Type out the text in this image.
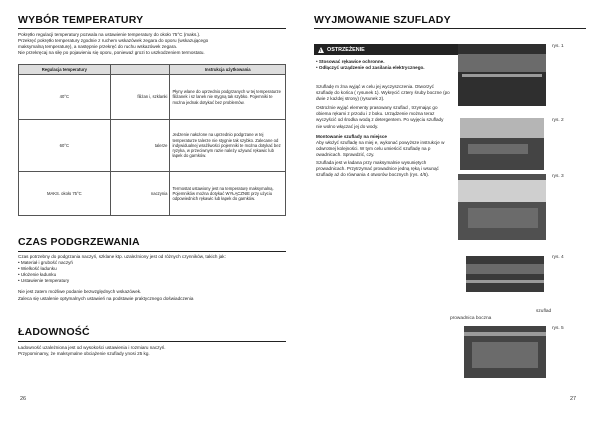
WYBÓR TEMPERATURY

Pokrętło regulacji temperatury pozwala na ustawienie temperatury do około 75°C (maks.).

Przekręć pokrętło temperatury zgodnie z ruchem wskazówek zegara do oporu (wskazującego

maksymalną temperaturę), a następnie przekręć do ruchu wskazówek zegara.

Nie przekręcaj na siłę po pojawieniu się oporu, ponieważ grozi to uszkodzeniem termostatu.

Regulacja temperatury		Instrukcja użytkowania
40°C	filiżan i, szklanki	Płyny wlane do uprzednio podgrzanych w tej temperaturze filiżanek i sz lanek nie stygną tak szybko. Pojemniki te można jednak dotykać bez problemów.
60°C	talerze	Jedzenie nałożone na uprzednio podgrzane w tej temperaturze talerze nie stygnie tak szybko. Zalecane od indywidualnej wrażliwości pojemniki te można dotykać bez ryzyka, w przeciwnym razie należy używać rękawic lub łapek do garnków.
MAKS. około 75°C	naczynia	Termostat ustawiony jest na temperaturę maksymalną. Pojemników można dotykać WYŁĄCZNIE przy użyciu odpowiednich rękawic lub łapek do garnków.
CZAS PODGRZEWANIA

Czas potrzebny do podgrzania naczyń, szklane ktp. uzależniony jest od różnych czynników, takich jak:

• Materiał i grubość naczyń
• Wielkość ładunku
• Ułożenie ładunku
• Ustawienie temperatury

Nie jest zatem możliwe podanie bezwzględnych wskazówek.

Zaleca się ustalenie optymalnych ustawień na podstawie praktycznego doświadczenia

ŁADOWNOŚĆ

Ładowność uzależniona jest od wysokości ustawienia i rozmiaru naczyń.

Przypominamy, że maksymalne obciążenie szuflady ynosi 25 kg.

26
WYJMOWANIE SZUFLADY
! OSTRZEŻENIE
• Stosować rękawice ochronne.
• Odłączyć urządzenie od zasilania elektrycznego.

Szufladę m żna wyjąć w celu jej wyczyszczenia. Otworzyć szufladę do końca ( rysunek 1). Wykręcić cztery śruby boczne (po dwie z każdej strony) (rysunek 2).

Ostrożnie wyjąć elementy prasowany szuflad , trzymając go obiema rękami z przodu i z boku. Urządzenie można teraz wyczyścić od środka wodą z detergentem. Po wyjęciu szuflady nie wolno włączać jej do wody.

Montowanie szuflady na miejsce

Aby włożyć szufladę na miej e, wykonać powyższe instrukcje w odwrotnej kolejności. W tym celu umieścić szufladę na p owadnicach. Sprawdzić, czy.

Szuflada jest w ładana przy maksymalnie wysuniętych prowadnicach. Przytrzymać prowadnice jedną ręką i wsunąć szufladę aż do równania 4 otworów bocznych (rys. 4/5).

rys. 1
rys. 2
rys. 3
rys. 4
szuflad
prowadnica boczna
rys. 5
27
